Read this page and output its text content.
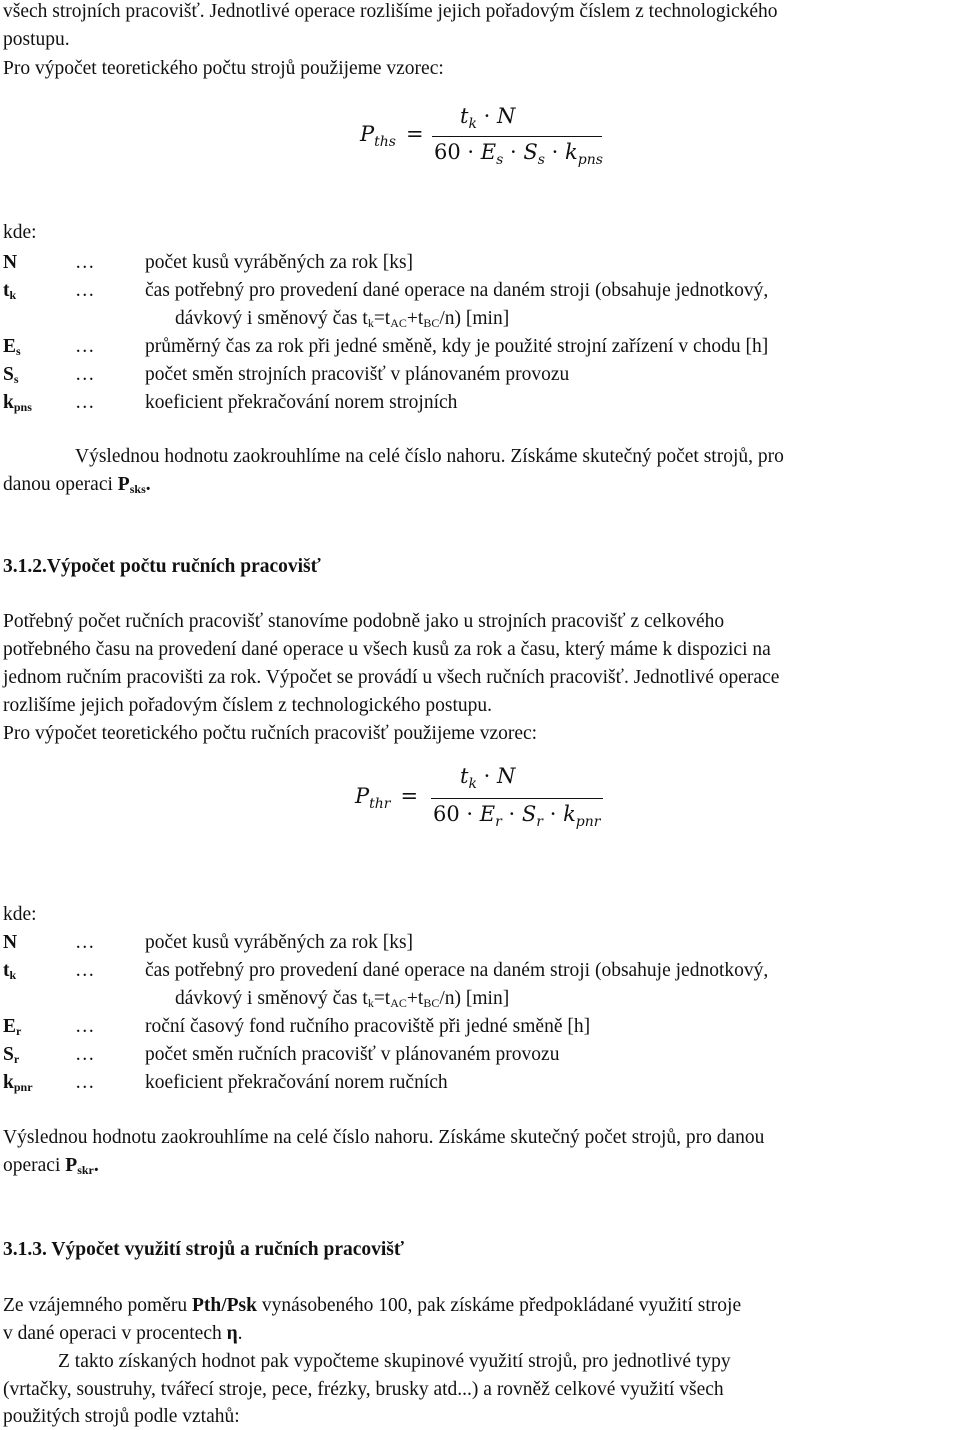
všech strojních pracovišť. Jednotlivé operace rozlišíme jejich pořadovým číslem z technologického
postupu.
Pro výpočet teoretického počtu strojů použijeme vzorec:
$P_{ths}$ =
$t_k \cdot N$
$60 \cdot E_s \cdot S_s \cdot k_{pns}$
kde:
N	…	počet kusů vyráběných za rok [ks]
$t_k$	…	čas potřebný pro provedení dané operace na daném stroji (obsahuje jednotkový,
dávkový i směnový čas $t_k=t_{AC}+t_{BC}/n$) [min]
$E_s$	…	průměrný čas za rok při jedné směně, kdy je použité strojní zařízení v chodu [h]
$S_s$	…	počet směn strojních pracovišť v plánovaném provozu
$k_{pns}$ …	koeficient překračování norem strojních
Výslednou hodnotu zaokrouhlíme na celé číslo nahoru. Získáme skutečný počet strojů, pro
danou operaci $P_{sks}$.
3.1.2.Výpočet počtu ručních pracovišť
Potřebný počet ručních pracovišť stanovíme podobně jako u strojních pracovišť z celkového
potřebného času na provedení dané operace u všech kusů za rok a času, který máme k dispozici na
jednom ručním pracovišti za rok. Výpočet se provádí u všech ručních pracovišť. Jednotlivé operace
rozlišíme jejich pořadovým číslem z technologického postupu.
Pro výpočet teoretického počtu ručních pracovišť použijeme vzorec:
$P_{thr}$ =
$t_k \cdot N$
$60 \cdot E_r \cdot S_r \cdot k_{pnr}$
kde:
N	…	počet kusů vyráběných za rok [ks]
$t_k$	…	čas potřebný pro provedení dané operace na daném stroji (obsahuje jednotkový,
dávkový i směnový čas $t_k=t_{AC}+t_{BC}/n$) [min]
$E_r$	…	roční časový fond ručního pracoviště při jedné směně [h]
$S_r$	…	počet směn ručních pracovišť v plánovaném provozu
$k_{pnr}$ …	koeficient překračování norem ručních
Výslednou hodnotu zaokrouhlíme na celé číslo nahoru. Získáme skutečný počet strojů, pro danou
operaci $P_{skr}$.
3.1.3. Výpočet využití strojů a ručních pracovišť
Ze vzájemného poměru Pth/Psk vynásobeného 100, pak získáme předpokládané využití stroje
v dané operaci v procentech η.
Z takto získaných hodnot pak vypočteme skupinové využití strojů, pro jednotlivé typy
(vrtačky, soustruhy, tvářecí stroje, pece, frézky, brusky atd...) a rovněž celkové využití všech
použitých strojů podle vztahů:
